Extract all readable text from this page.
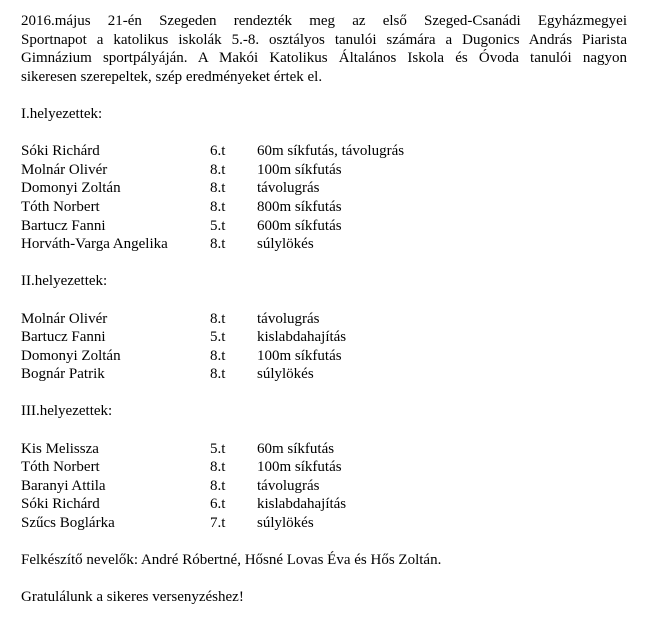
2016.május 21-én Szegeden rendezték meg az első Szeged-Csanádi Egyházmegyei
Sportnapot a katolikus iskolák 5.-8. osztályos tanulói számára a Dugonics András Piarista
Gimnázium sportpályáján. A Makói Katolikus Általános Iskola és Óvoda tanulói nagyon
sikeresen szerepeltek, szép eredményeket értek el.

I.helyezettek:

Sóki Richárd	6.t 60m síkfutás, távolugrás
Molnár Olivér	8.t 100m síkfutás
Domonyi Zoltán	8.t távolugrás
Tóth Norbert	8.t 800m síkfutás
Bartucz Fanni	5.t 600m síkfutás
Horváth-Varga Angelika	8.t súlylökés

II.helyezettek:

Molnár Olivér	8.t távolugrás
Bartucz Fanni	5.t kislabdahajítás
Domonyi Zoltán	8.t 100m síkfutás
Bognár Patrik	8.t súlylökés

III.helyezettek:

Kis Melissza	5.t 60m síkfutás
Tóth Norbert	8.t 100m síkfutás
Baranyi Attila	8.t távolugrás
Sóki Richárd	6.t kislabdahajítás
Szűcs Boglárka	7.t súlylökés

Felkészítő nevelők: André Róbertné, Hősné Lovas Éva és Hős Zoltán.

Gratulálunk a sikeres versenyzéshez!
